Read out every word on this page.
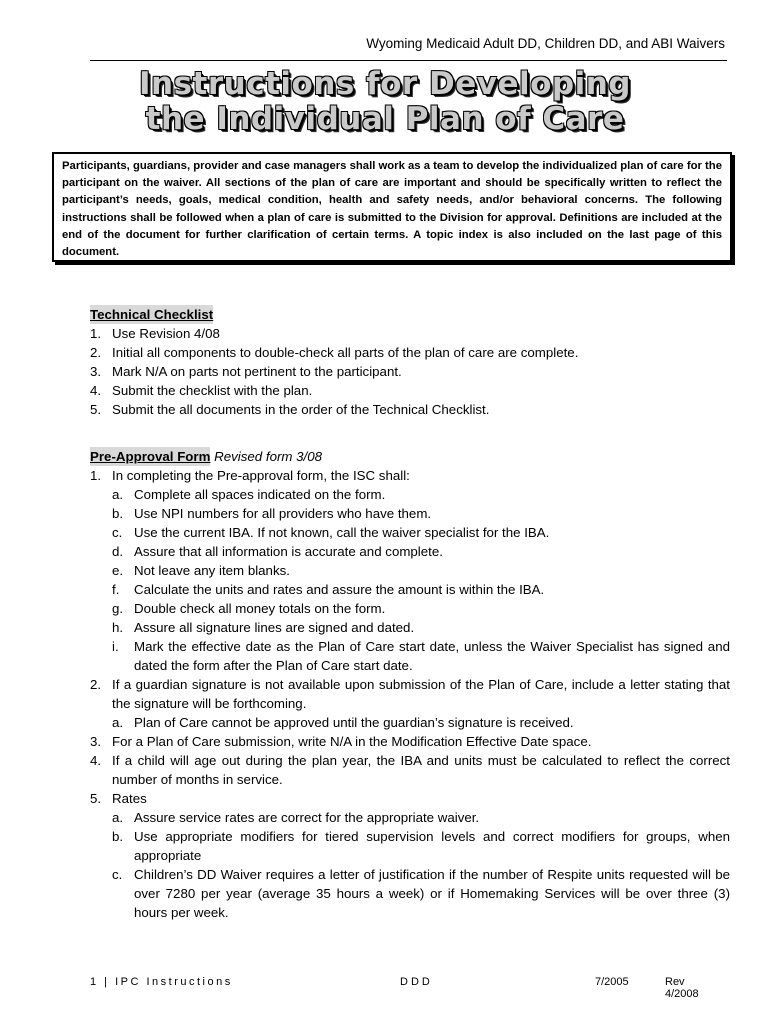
Wyoming Medicaid Adult DD, Children DD, and ABI Waivers
Instructions for Developing
the Individual Plan of Care
Participants, guardians, provider and case managers shall work as a team to develop the individualized plan of care for the participant on the waiver. All sections of the plan of care are important and should be specifically written to reflect the participant’s needs, goals, medical condition, health and safety needs, and/or behavioral concerns. The following instructions shall be followed when a plan of care is submitted to the Division for approval. Definitions are included at the end of the document for further clarification of certain terms. A topic index is also included on the last page of this document.
Technical Checklist
1. Use Revision 4/08
2. Initial all components to double-check all parts of the plan of care are complete.
3. Mark N/A on parts not pertinent to the participant.
4. Submit the checklist with the plan.
5. Submit the all documents in the order of the Technical Checklist.
Pre-Approval Form Revised form 3/08
1. In completing the Pre-approval form, the ISC shall:
a. Complete all spaces indicated on the form.
b. Use NPI numbers for all providers who have them.
c. Use the current IBA. If not known, call the waiver specialist for the IBA.
d. Assure that all information is accurate and complete.
e. Not leave any item blanks.
f. Calculate the units and rates and assure the amount is within the IBA.
g. Double check all money totals on the form.
h. Assure all signature lines are signed and dated.
i. Mark the effective date as the Plan of Care start date, unless the Waiver Specialist has signed and dated the form after the Plan of Care start date.
2. If a guardian signature is not available upon submission of the Plan of Care, include a letter stating that the signature will be forthcoming.
a. Plan of Care cannot be approved until the guardian’s signature is received.
3. For a Plan of Care submission, write N/A in the Modification Effective Date space.
4. If a child will age out during the plan year, the IBA and units must be calculated to reflect the correct number of months in service.
5. Rates
a. Assure service rates are correct for the appropriate waiver.
b. Use appropriate modifiers for tiered supervision levels and correct modifiers for groups, when appropriate
c. Children’s DD Waiver requires a letter of justification if the number of Respite units requested will be over 7280 per year (average 35 hours a week) or if Homemaking Services will be over three (3) hours per week.
1 | IPC Instructions	DDD	7/2005	Rev 4/2008
